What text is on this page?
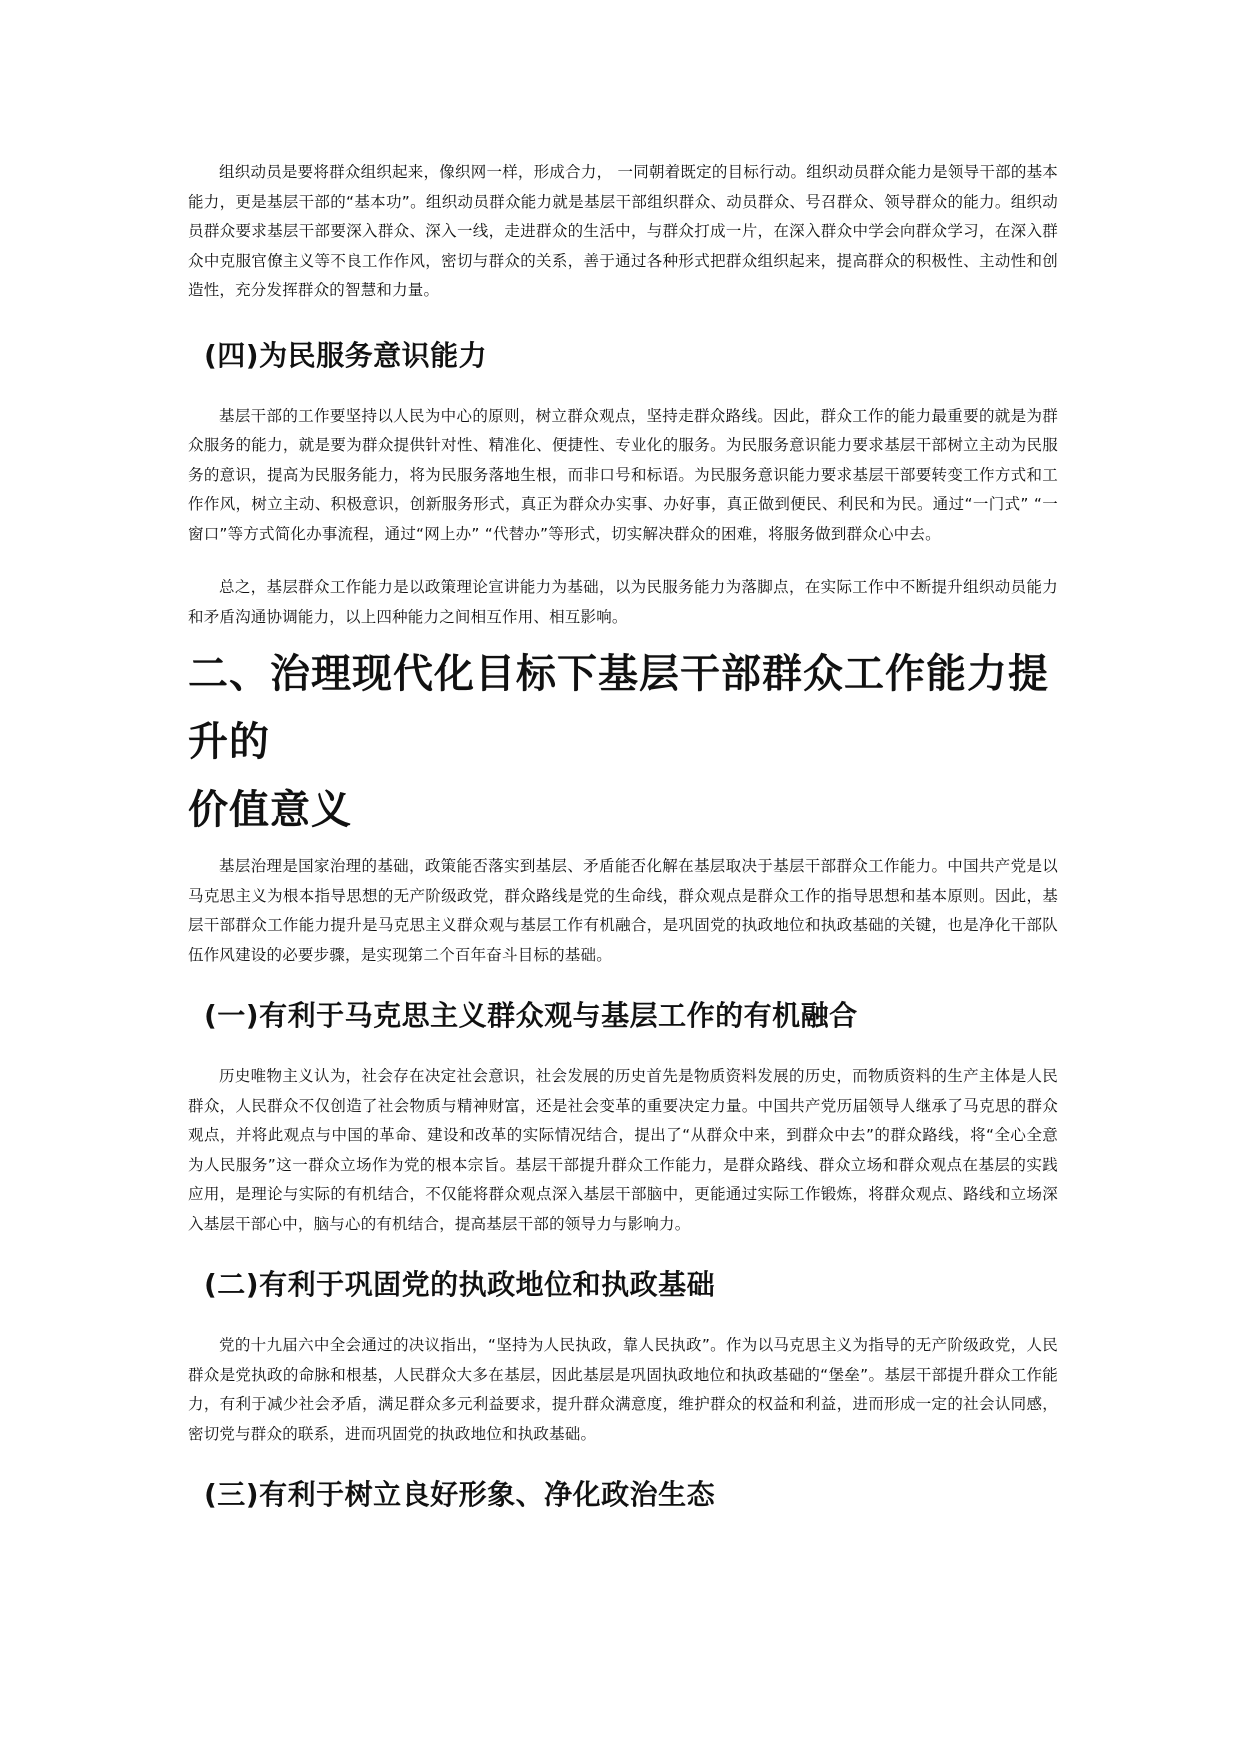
组织动员是要将群众组织起来，像织网一样，形成合力， 一同朝着既定的目标行动。组织动员群众能力是领导干部的基本能力，更是基层干部的“基本功”。组织动员群众能力就是基层干部组织群众、动员群众、号召群众、领导群众的能力。组织动员群众要求基层干部要深入群众、深入一线，走进群众的生活中，与群众打成一片，在深入群众中学会向群众学习，在深入群众中克服官僚主义等不良工作作风，密切与群众的关系，善于通过各种形式把群众组织起来，提高群众的积极性、主动性和创造性，充分发挥群众的智慧和力量。

(四)为民服务意识能力

基层干部的工作要坚持以人民为中心的原则，树立群众观点，坚持走群众路线。因此，群众工作的能力最重要的就是为群众服务的能力，就是要为群众提供针对性、精准化、便捷性、专业化的服务。为民服务意识能力要求基层干部树立主动为民服务的意识，提高为民服务能力，将为民服务落地生根，而非口号和标语。为民服务意识能力要求基层干部要转变工作方式和工作作风，树立主动、积极意识，创新服务形式，真正为群众办实事、办好事，真正做到便民、利民和为民。通过“一门式” “一窗口”等方式简化办事流程，通过“网上办” “代替办”等形式，切实解决群众的困难，将服务做到群众心中去。

总之，基层群众工作能力是以政策理论宣讲能力为基础，以为民服务能力为落脚点，在实际工作中不断提升组织动员能力和矛盾沟通协调能力，以上四种能力之间相互作用、相互影响。

二、治理现代化目标下基层干部群众工作能力提升的
价值意义

基层治理是国家治理的基础，政策能否落实到基层、矛盾能否化解在基层取决于基层干部群众工作能力。中国共产党是以马克思主义为根本指导思想的无产阶级政党，群众路线是党的生命线，群众观点是群众工作的指导思想和基本原则。因此，基层干部群众工作能力提升是马克思主义群众观与基层工作有机融合，是巩固党的执政地位和执政基础的关键，也是净化干部队伍作风建设的必要步骤，是实现第二个百年奋斗目标的基础。

(一)有利于马克思主义群众观与基层工作的有机融合

历史唯物主义认为，社会存在决定社会意识，社会发展的历史首先是物质资料发展的历史，而物质资料的生产主体是人民群众，人民群众不仅创造了社会物质与精神财富，还是社会变革的重要决定力量。中国共产党历届领导人继承了马克思的群众观点，并将此观点与中国的革命、建设和改革的实际情况结合，提出了“从群众中来，到群众中去”的群众路线，将“全心全意为人民服务”这一群众立场作为党的根本宗旨。基层干部提升群众工作能力，是群众路线、群众立场和群众观点在基层的实践应用，是理论与实际的有机结合，不仅能将群众观点深入基层干部脑中，更能通过实际工作锻炼，将群众观点、路线和立场深入基层干部心中，脑与心的有机结合，提高基层干部的领导力与影响力。

(二)有利于巩固党的执政地位和执政基础

党的十九届六中全会通过的决议指出，“坚持为人民执政，靠人民执政”。作为以马克思主义为指导的无产阶级政党，人民群众是党执政的命脉和根基，人民群众大多在基层，因此基层是巩固执政地位和执政基础的“堡垒”。基层干部提升群众工作能力，有利于减少社会矛盾，满足群众多元利益要求，提升群众满意度，维护群众的权益和利益，进而形成一定的社会认同感，密切党与群众的联系，进而巩固党的执政地位和执政基础。

(三)有利于树立良好形象、净化政治生态
